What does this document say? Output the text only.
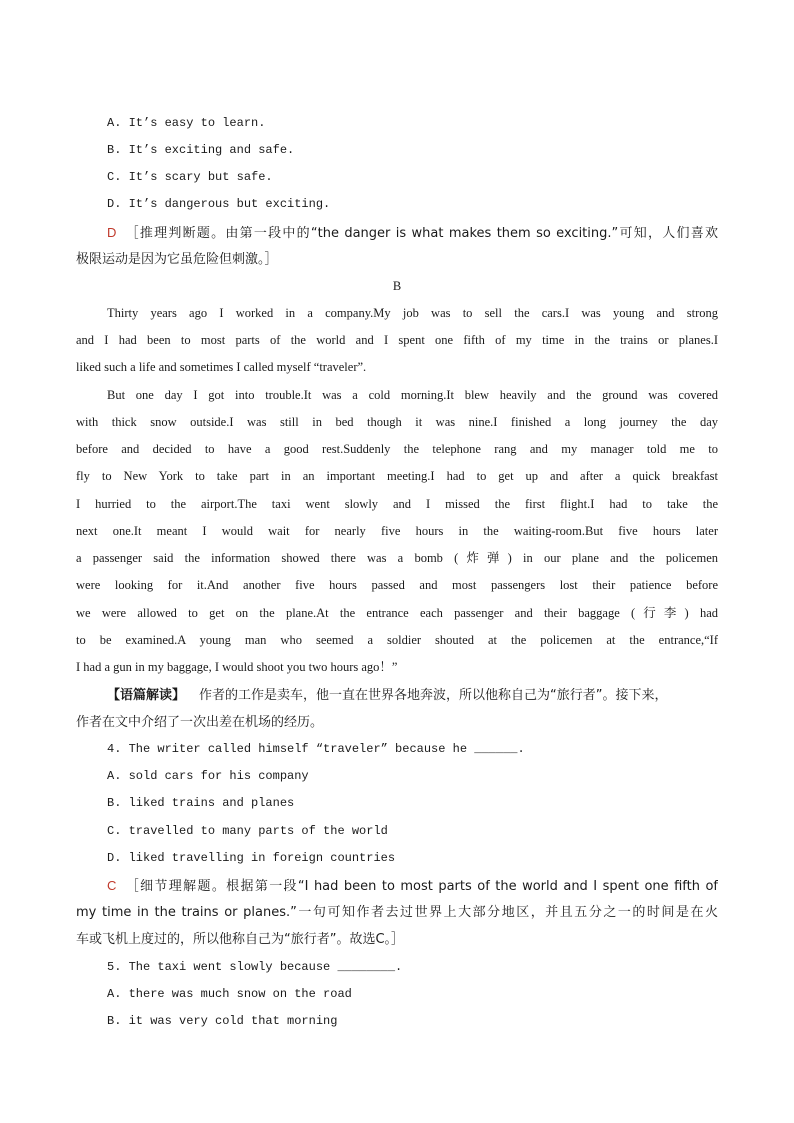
A. It’s easy to learn.
B. It’s exciting and safe.
C. It’s scary but safe.
D. It’s dangerous but exciting.
D ［推理判断题。由第一段中的“the danger is what makes them so exciting.”可知，人们喜欢
极限运动是因为它虽危险但刺激。］
B
Thirty years ago I worked in a company.My job was to sell the cars.I was young and strong
and I had been to most parts of the world and I spent one fifth of my time in the trains or planes.I
liked such a life and sometimes I called myself “traveler”.
But one day I got into trouble.It was a cold morning.It blew heavily and the ground was covered
with thick snow outside.I was still in bed though it was nine.I finished a long journey the day
before and decided to have a good rest.Suddenly the telephone rang and my manager told me to
fly to New York to take part in an important meeting.I had to get up and after a quick breakfast
I hurried to the airport.The taxi went slowly and I missed the first flight.I had to take the
next one.It meant I would wait for nearly five hours in the waiting-room.But five hours later
a passenger said the information showed there was a bomb (炸弹) in our plane and the policemen
were looking for it.And another five hours passed and most passengers lost their patience before
we were allowed to get on the plane.At the entrance each passenger and their baggage (行李) had
to be examined.A young man who seemed a soldier shouted at the policemen at the entrance,“If
I had a gun in my baggage, I would shoot you two hours ago！”
【语篇解读】 作者的工作是卖车，他一直在世界各地奔波，所以他称自己为“旅行者”。接下来，
作者在文中介绍了一次出差在机场的经历。
4. The writer called himself “traveler” because he ______.
A. sold cars for his company
B. liked trains and planes
C. travelled to many parts of the world
D. liked travelling in foreign countries
C ［细节理解题。根据第一段“I had been to most parts of the world and I spent one fifth of
my time in the trains or planes.”一句可知作者去过世界上大部分地区，并且五分之一的时间是在火
车或飞机上度过的，所以他称自己为“旅行者”。故选C。］
5. The taxi went slowly because ________.
A. there was much snow on the road
B. it was very cold that morning
